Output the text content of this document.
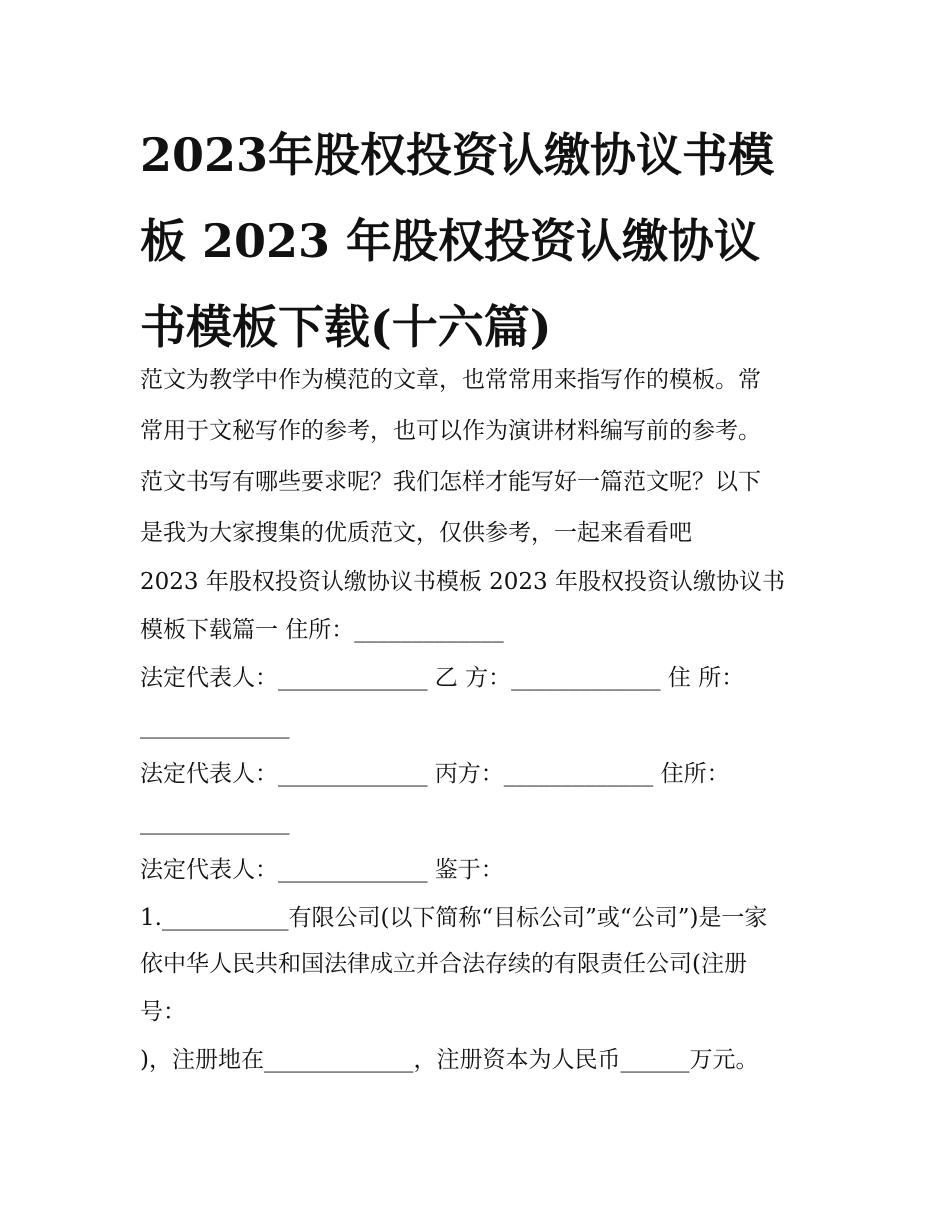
2023年股权投资认缴协议书模
板 2023 年股权投资认缴协议
书模板下载(十六篇)
范文为教学中作为模范的文章，也常常用来指写作的模板。常
常用于文秘写作的参考，也可以作为演讲材料编写前的参考。
范文书写有哪些要求呢？我们怎样才能写好一篇范文呢？以下
是我为大家搜集的优质范文，仅供参考，一起来看看吧
2023 年股权投资认缴协议书模板 2023 年股权投资认缴协议书
模板下载篇一 住所：_____________
法定代表人：_____________ 乙 方：_____________ 住 所：
_____________
法定代表人：_____________ 丙方：_____________ 住所：
_____________
法定代表人：_____________ 鉴于：
1.___________有限公司(以下简称“目标公司”或“公司”)是一家
依中华人民共和国法律成立并合法存续的有限责任公司(注册
号：
)，注册地在_____________，注册资本为人民币______万元。
